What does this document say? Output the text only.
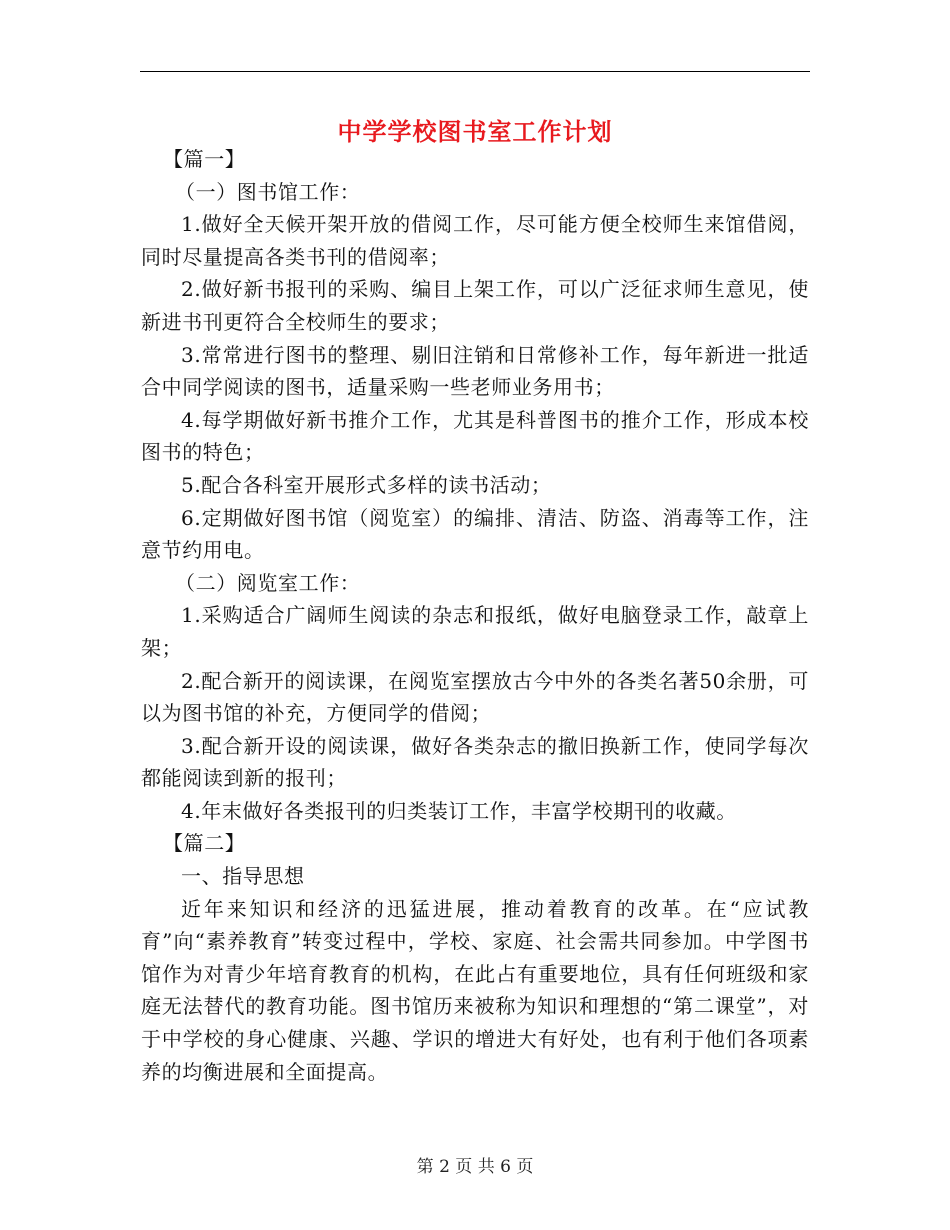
中学学校图书室工作计划

【篇一】

（一）图书馆工作：

1.做好全天候开架开放的借阅工作，尽可能方便全校师生来馆借阅，同时尽量提高各类书刊的借阅率；

2.做好新书报刊的采购、编目上架工作，可以广泛征求师生意见，使新进书刊更符合全校师生的要求；

3.常常进行图书的整理、剔旧注销和日常修补工作，每年新进一批适合中同学阅读的图书，适量采购一些老师业务用书；

4.每学期做好新书推介工作，尤其是科普图书的推介工作，形成本校图书的特色；

5.配合各科室开展形式多样的读书活动；

6.定期做好图书馆（阅览室）的编排、清洁、防盗、消毒等工作，注意节约用电。

（二）阅览室工作：

1.采购适合广阔师生阅读的杂志和报纸，做好电脑登录工作，敲章上架；

2.配合新开的阅读课，在阅览室摆放古今中外的各类名著50余册，可以为图书馆的补充，方便同学的借阅；

3.配合新开设的阅读课，做好各类杂志的撤旧换新工作，使同学每次都能阅读到新的报刊；

4.年末做好各类报刊的归类装订工作，丰富学校期刊的收藏。

【篇二】

一、指导思想

近年来知识和经济的迅猛进展，推动着教育的改革。在“应试教育”向“素养教育”转变过程中，学校、家庭、社会需共同参加。中学图书馆作为对青少年培育教育的机构，在此占有重要地位，具有任何班级和家庭无法替代的教育功能。图书馆历来被称为知识和理想的“第二课堂”，对于中学校的身心健康、兴趣、学识的增进大有好处，也有利于他们各项素养的均衡进展和全面提高。

第 2 页 共 6 页
